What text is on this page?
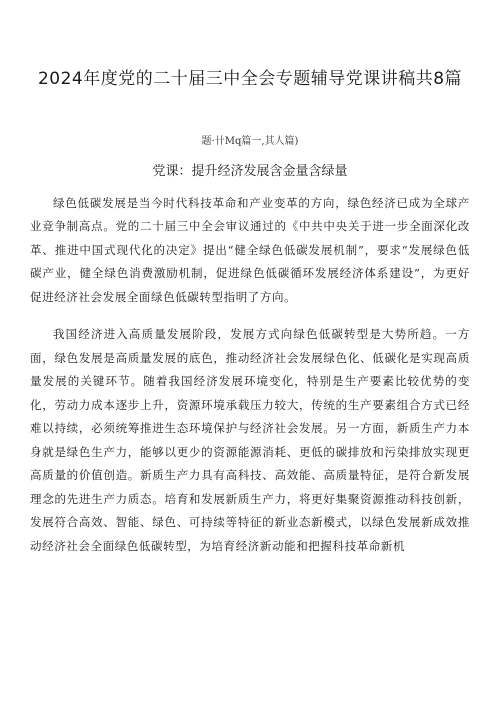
2024年度党的二十届三中全会专题辅导党课讲稿共8篇
题·卄Mq篇一,其人篇)
党课：提升经济发展含金量含绿量

绿色低碳发展是当今时代科技革命和产业变革的方向，绿色经济已成为全球产业竞争制高点。党的二十届三中全会审议通过的《中共中央关于进一步全面深化改革、推进中国式现代化的决定》提出“健全绿色低碳发展机制”，要求“发展绿色低碳产业，健全绿色消费激励机制，促进绿色低碳循环发展经济体系建设”，为更好促进经济社会发展全面绿色低碳转型指明了方向。

我国经济进入高质量发展阶段，发展方式向绿色低碳转型是大势所趋。一方面，绿色发展是高质量发展的底色，推动经济社会发展绿色化、低碳化是实现高质量发展的关键环节。随着我国经济发展环境变化，特别是生产要素比较优势的变化，劳动力成本逐步上升，资源环境承载压力较大，传统的生产要素组合方式已经难以持续，必须统筹推进生态环境保护与经济社会发展。另一方面，新质生产力本身就是绿色生产力，能够以更少的资源能源消耗、更低的碳排放和污染排放实现更高质量的价值创造。新质生产力具有高科技、高效能、高质量特征，是符合新发展理念的先进生产力质态。培育和发展新质生产力，将更好集聚资源推动科技创新，发展符合高效、智能、绿色、可持续等特征的新业态新模式，以绿色发展新成效推动经济社会全面绿色低碳转型，为培育经济新动能和把握科技革命新机
